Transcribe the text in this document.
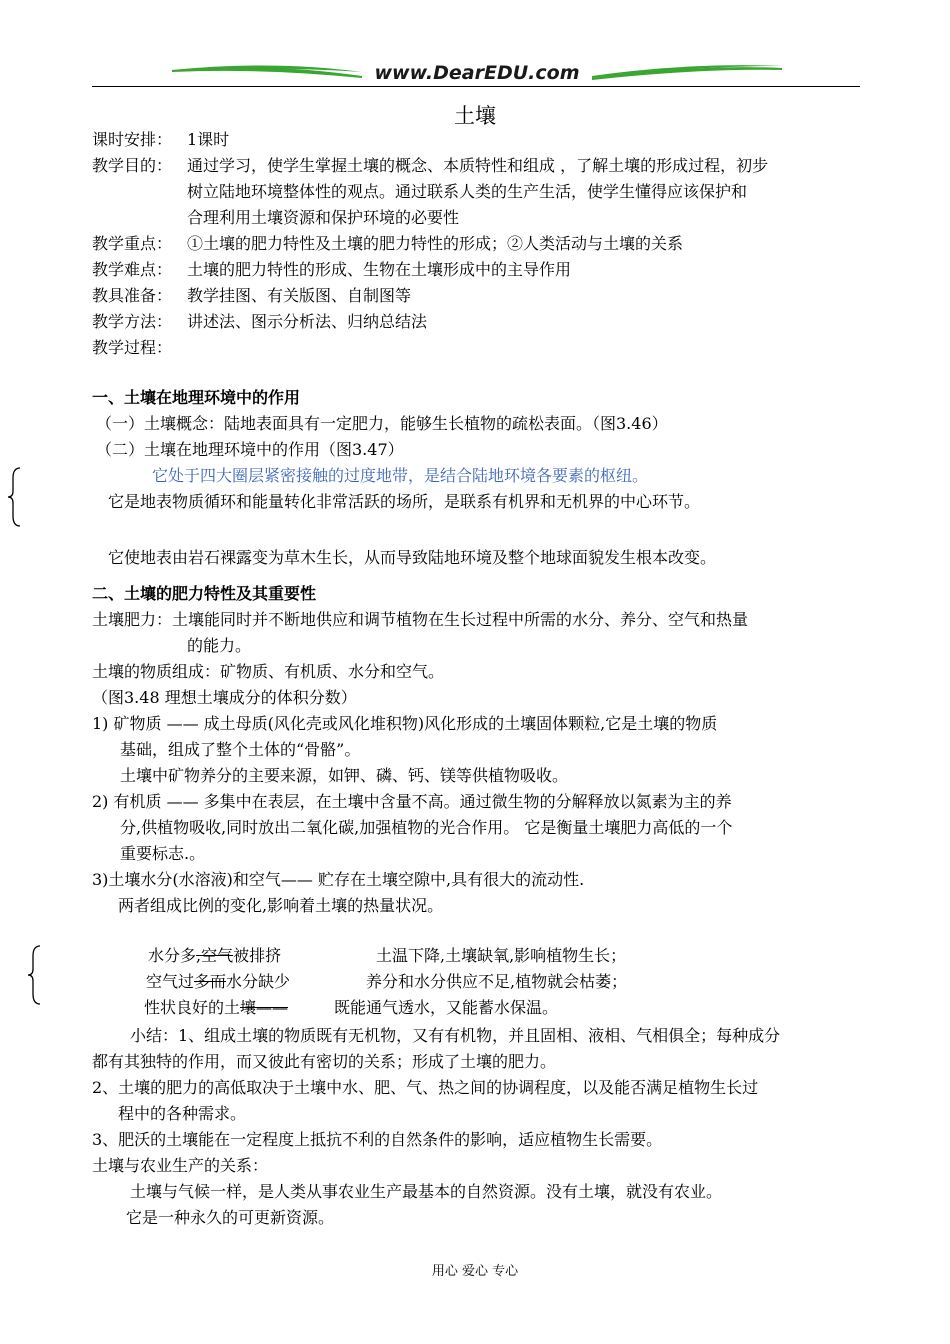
www.DearEDU.com
土壤
课时安排： 1课时
教学目的： 通过学习，使学生掌握土壤的概念、本质特性和组成 ，了解土壤的形成过程，初步
树立陆地环境整体性的观点。通过联系人类的生产生活，使学生懂得应该保护和
合理利用土壤资源和保护环境的必要性
教学重点： ①土壤的肥力特性及土壤的肥力特性的形成；②人类活动与土壤的关系
教学难点： 土壤的肥力特性的形成、生物在土壤形成中的主导作用
教具准备： 教学挂图、有关版图、自制图等
教学方法： 讲述法、图示分析法、归纳总结法
教学过程：
一、土壤在地理环境中的作用
（一）土壤概念：陆地表面具有一定肥力，能够生长植物的疏松表面。（图3.46）
（二）土壤在地理环境中的作用（图3.47）
它处于四大圈层紧密接触的过度地带，是结合陆地环境各要素的枢纽。
它是地表物质循环和能量转化非常活跃的场所，是联系有机界和无机界的中心环节。
它使地表由岩石裸露变为草木生长，从而导致陆地环境及整个地球面貌发生根本改变。
二、土壤的肥力特性及其重要性
土壤肥力：土壤能同时并不断地供应和调节植物在生长过程中所需的水分、养分、空气和热量
的能力。
土壤的物质组成：矿物质、有机质、水分和空气。
（图3.48 理想土壤成分的体积分数）
1) 矿物质 —— 成土母质(风化壳或风化堆积物)风化形成的土壤固体颗粒,它是土壤的物质
基础，组成了整个土体的“骨骼”。
土壤中矿物养分的主要来源，如钾、磷、钙、镁等供植物吸收。
2) 有机质 —— 多集中在表层，在土壤中含量不高。通过微生物的分解释放以氮素为主的养
分,供植物吸收,同时放出二氧化碳,加强植物的光合作用。 它是衡量土壤肥力高低的一个
重要标志.。
3)土壤水分(水溶液)和空气—— 贮存在土壤空隙中,具有很大的流动性.
两者组成比例的变化,影响着土壤的热量状况。
水分多,空气被排挤	土温下降,土壤缺氧,影响植物生长；
空气过多而水分缺少	养分和水分供应不足,植物就会枯萎；
性状良好的土壤——	既能通气透水，又能蓄水保温。
小结：1、组成土壤的物质既有无机物，又有有机物，并且固相、液相、气相俱全；每种成分
都有其独特的作用，而又彼此有密切的关系；形成了土壤的肥力。
2、土壤的肥力的高低取决于土壤中水、肥、气、热之间的协调程度，以及能否满足植物生长过
程中的各种需求。
3、肥沃的土壤能在一定程度上抵抗不利的自然条件的影响，适应植物生长需要。
土壤与农业生产的关系：
土壤与气候一样，是人类从事农业生产最基本的自然资源。没有土壤，就没有农业。
它是一种永久的可更新资源。
用心 爱心 专心
